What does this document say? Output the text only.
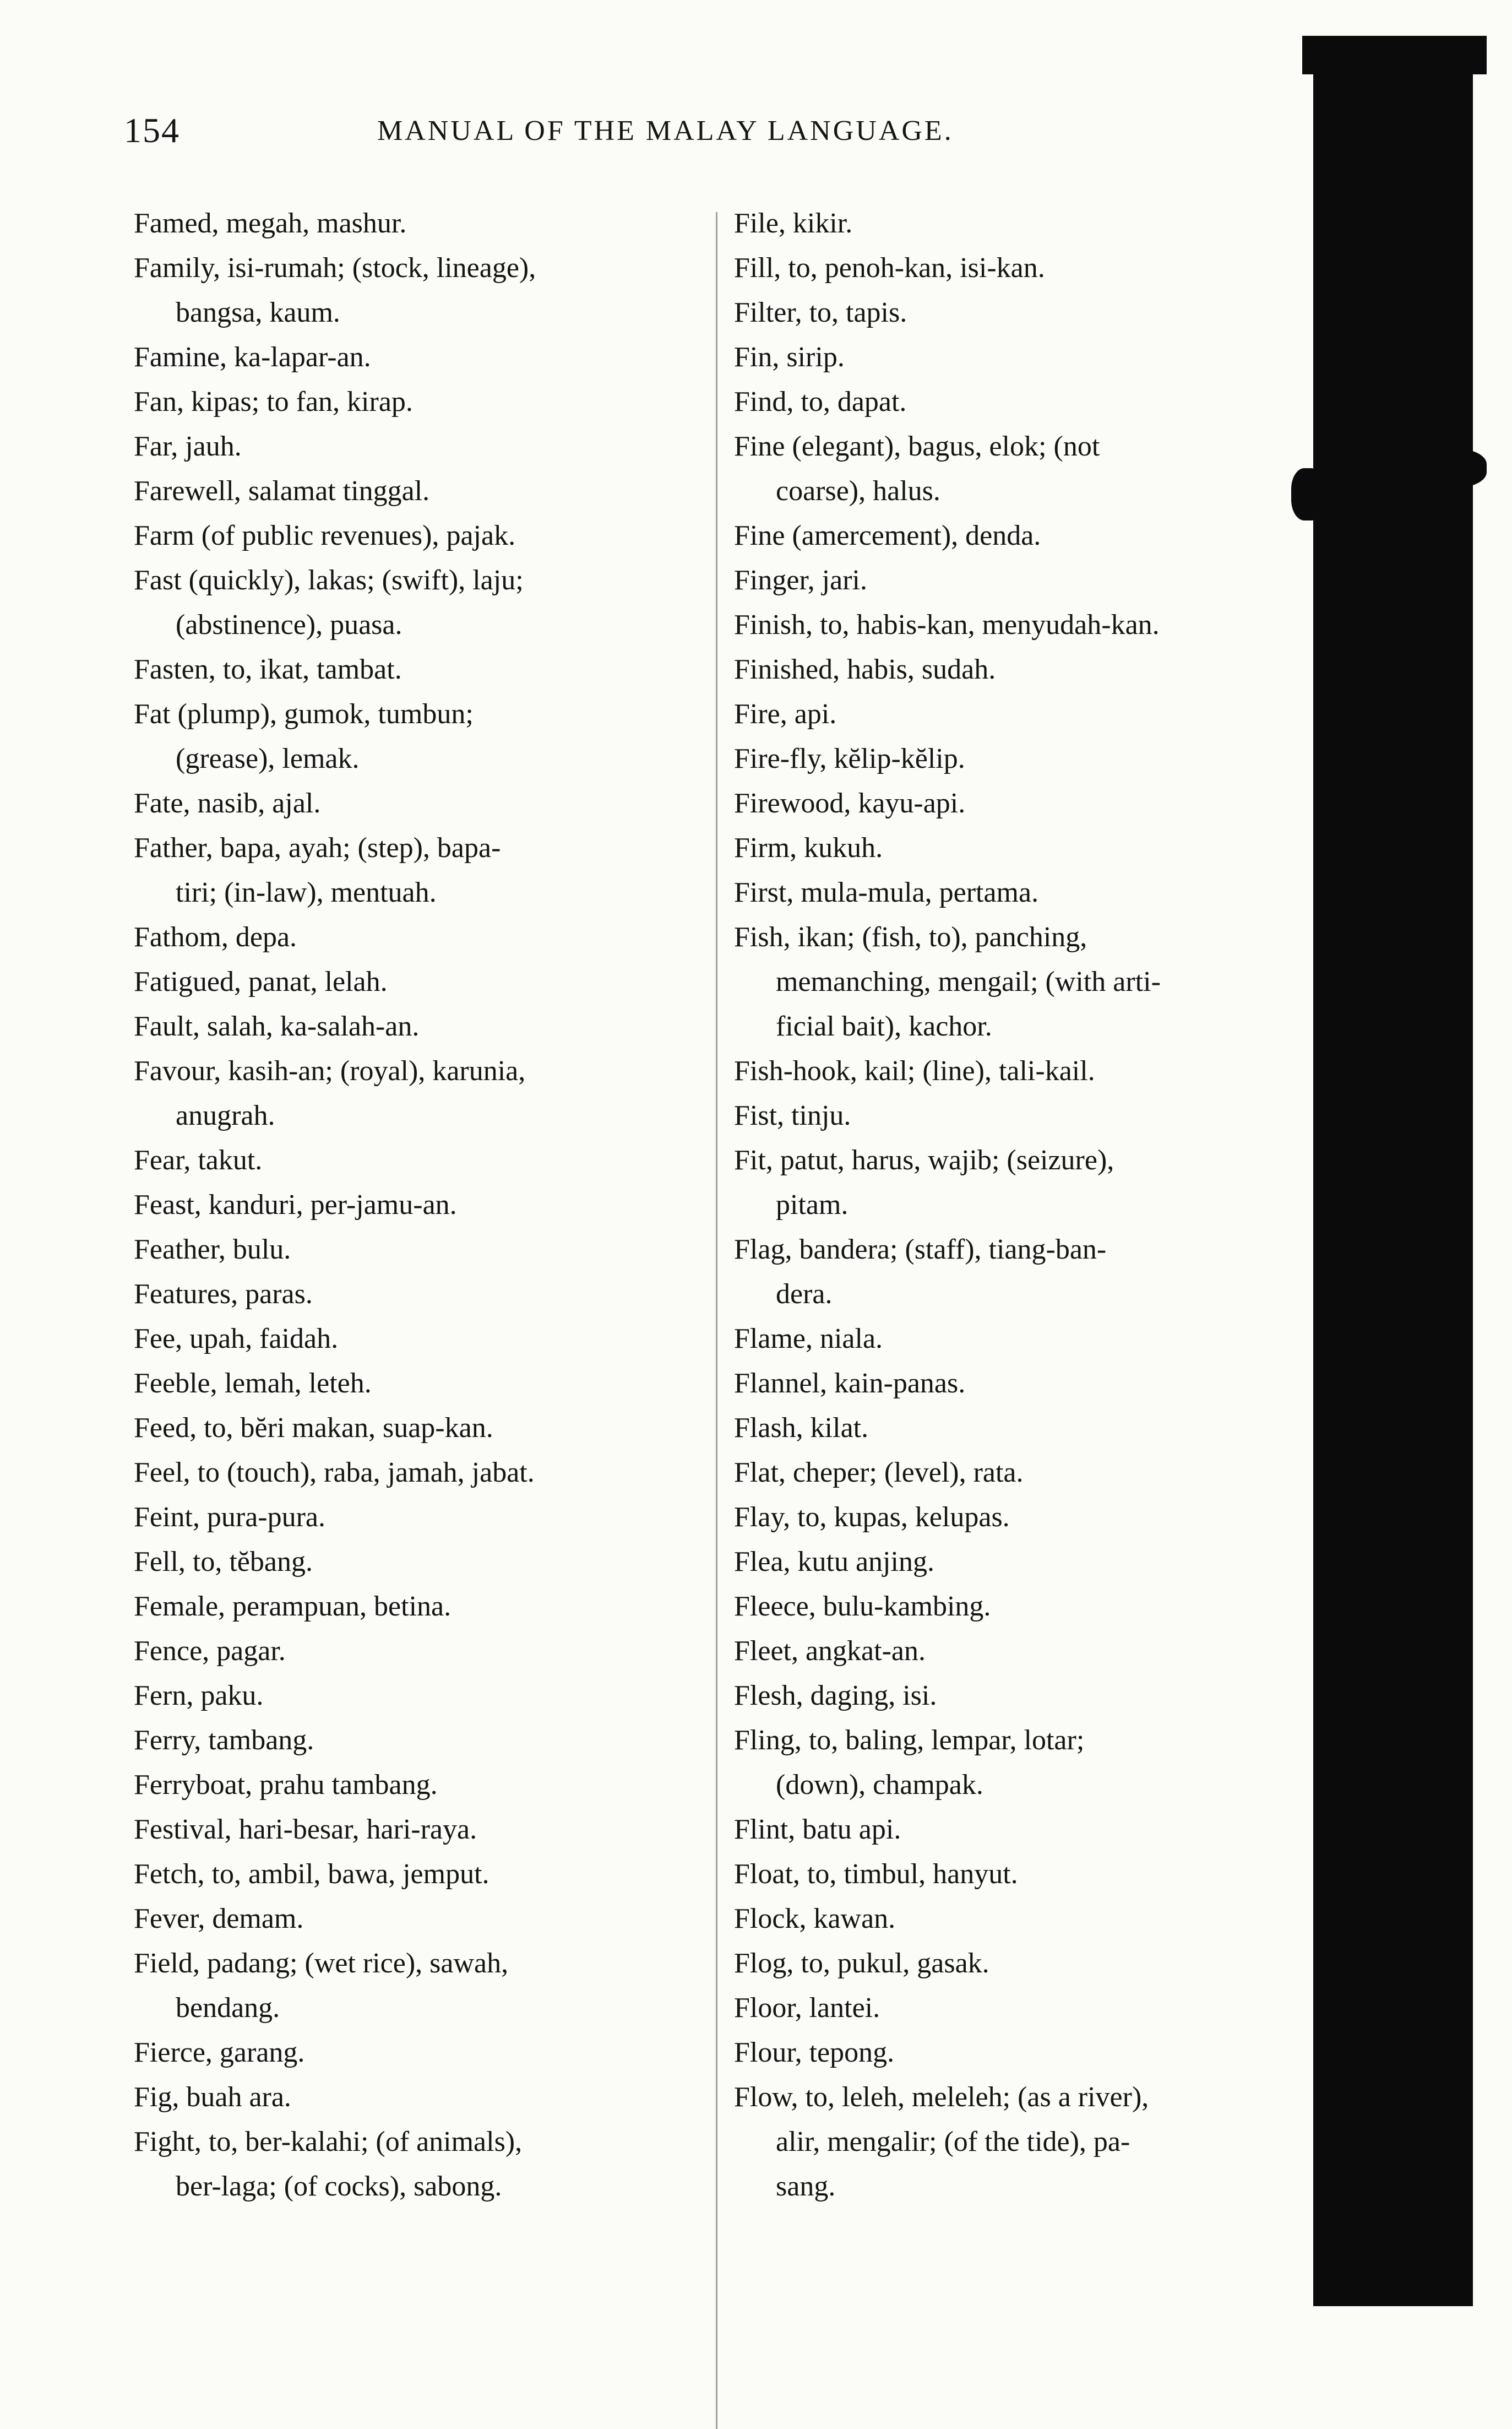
154	MANUAL OF THE MALAY LANGUAGE.
Famed, megah, mashur.
Family, isi-rumah; (stock, lineage),
bangsa, kaum.
Famine, ka-lapar-an.
Fan, kipas; to fan, kirap.
Far, jauh.
Farewell, salamat tinggal.
Farm (of public revenues), pajak.
Fast (quickly), lakas; (swift), laju;
(abstinence), puasa.
Fasten, to, ikat, tambat.
Fat (plump), gumok, tumbun;
(grease), lemak.
Fate, nasib, ajal.
Father, bapa, ayah; (step), bapa-
tiri; (in-law), mentuah.
Fathom, depa.
Fatigued, panat, lelah.
Fault, salah, ka-salah-an.
Favour, kasih-an; (royal), karunia,
anugrah.
Fear, takut.
Feast, kanduri, per-jamu-an.
Feather, bulu.
Features, paras.
Fee, upah, faidah.
Feeble, lemah, leteh.
Feed, to, bĕri makan, suap-kan.
Feel, to (touch), raba, jamah, jabat.
Feint, pura-pura.
Fell, to, tĕbang.
Female, perampuan, betina.
Fence, pagar.
Fern, paku.
Ferry, tambang.
Ferryboat, prahu tambang.
Festival, hari-besar, hari-raya.
Fetch, to, ambil, bawa, jemput.
Fever, demam.
Field, padang; (wet rice), sawah,
bendang.
Fierce, garang.
Fig, buah ara.
Fight, to, ber-kalahi; (of animals),
ber-laga; (of cocks), sabong.
File, kikir.
Fill, to, penoh-kan, isi-kan.
Filter, to, tapis.
Fin, sirip.
Find, to, dapat.
Fine (elegant), bagus, elok; (not
coarse), halus.
Fine (amercement), denda.
Finger, jari.
Finish, to, habis-kan, menyudah-kan.
Finished, habis, sudah.
Fire, api.
Fire-fly, kĕlip-kĕlip.
Firewood, kayu-api.
Firm, kukuh.
First, mula-mula, pertama.
Fish, ikan; (fish, to), panching,
memanching, mengail; (with arti-
ficial bait), kachor.
Fish-hook, kail; (line), tali-kail.
Fist, tinju.
Fit, patut, harus, wajib; (seizure),
pitam.
Flag, bandera; (staff), tiang-ban-
dera.
Flame, niala.
Flannel, kain-panas.
Flash, kilat.
Flat, cheper; (level), rata.
Flay, to, kupas, kelupas.
Flea, kutu anjing.
Fleece, bulu-kambing.
Fleet, angkat-an.
Flesh, daging, isi.
Fling, to, baling, lempar, lotar;
(down), champak.
Flint, batu api.
Float, to, timbul, hanyut.
Flock, kawan.
Flog, to, pukul, gasak.
Floor, lantei.
Flour, tepong.
Flow, to, leleh, meleleh; (as a river),
alir, mengalir; (of the tide), pa-
sang.
